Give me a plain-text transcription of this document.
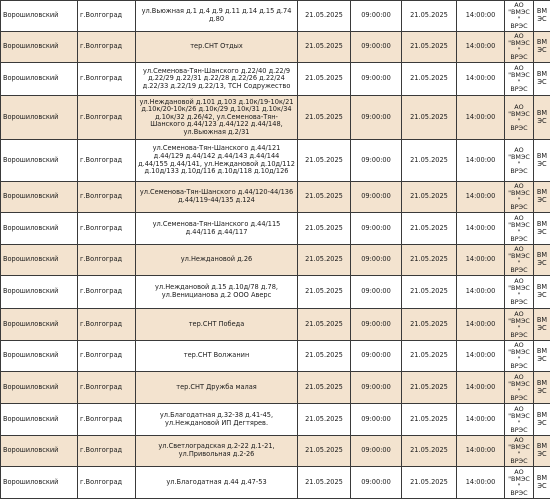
Ворошиловский	г.Волгоград	ул.Вьюжная д.1 д.4 д.9 д.11 д.14 д.15 д.74 д.80	21.05.2025	09:00:00	21.05.2025	14:00:00	АО
"ВМЭС"
ВРЭС	ВМЭС
Ворошиловский	г.Волгоград	тер.СНТ Отдых	21.05.2025	09:00:00	21.05.2025	14:00:00	АО
"ВМЭС"
ВРЭС	ВМЭС
Ворошиловский	г.Волгоград	ул.Семенова-Тян-Шанского д.22/40 д.22/9 д.22/29 д.22/31 д.22/28 д.22/26 д.22/24 д.22/33 д.22/19 д.22/13, ТСН Содружество	21.05.2025	09:00:00	21.05.2025	14:00:00	АО
"ВМЭС"
ВРЭС	ВМЭС
Ворошиловский	г.Волгоград	ул.Неждановой д.101 д.103 д.10к/19-10к/21 д.10к/20-10к/26 д.10к/29 д.10к/31 д.10к/34 д.10к/32 д.26/42, ул.Семенова-Тян-Шанского д.44/123 д.44/122 д.44/148, ул.Вьюжная д.2/31	21.05.2025	09:00:00	21.05.2025	14:00:00	АО
"ВМЭС"
ВРЭС	ВМЭС
Ворошиловский	г.Волгоград	ул.Семенова-Тян-Шанского д.44/121 д.44/129 д.44/142 д.44/143 д.44/144 д.44/155 д.44/141, ул.Неждановой д.10д/112 д.10д/133 д.10д/116 д.10д/118 д.10д/126	21.05.2025	09:00:00	21.05.2025	14:00:00	АО
"ВМЭС"
ВРЭС	ВМЭС
Ворошиловский	г.Волгоград	ул.Семенова-Тян-Шанского д.44/120-44/136 д.44/119-44/135 д.124	21.05.2025	09:00:00	21.05.2025	14:00:00	АО
"ВМЭС"
ВРЭС	ВМЭС
Ворошиловский	г.Волгоград	ул.Семенова-Тян-Шанского д.44/115 д.44/116 д.44/117	21.05.2025	09:00:00	21.05.2025	14:00:00	АО
"ВМЭС"
ВРЭС	ВМЭС
Ворошиловский	г.Волгоград	ул.Неждановой д.26	21.05.2025	09:00:00	21.05.2025	14:00:00	АО
"ВМЭС"
ВРЭС	ВМЭС
Ворошиловский	г.Волгоград	ул.Неждановой д.15 д.10д/78 д.78, ул.Веницианова д.2 ООО Аверс	21.05.2025	09:00:00	21.05.2025	14:00:00	АО
"ВМЭС"
ВРЭС	ВМЭС
Ворошиловский	г.Волгоград	тер.СНТ Победа	21.05.2025	09:00:00	21.05.2025	14:00:00	АО
"ВМЭС"
ВРЭС	ВМЭС
Ворошиловский	г.Волгоград	тер.СНТ Волжанин	21.05.2025	09:00:00	21.05.2025	14:00:00	АО
"ВМЭС"
ВРЭС	ВМЭС
Ворошиловский	г.Волгоград	тер.СНТ Дружба малая	21.05.2025	09:00:00	21.05.2025	14:00:00	АО
"ВМЭС"
ВРЭС	ВМЭС
Ворошиловский	г.Волгоград	ул.Благодатная д.32-38 д.41-45, ул.Неждановой ИП Дегтярев.	21.05.2025	09:00:00	21.05.2025	14:00:00	АО
"ВМЭС"
ВРЭС	ВМЭС
Ворошиловский	г.Волгоград	ул.Светлоградская д.2-22 д.1-21, ул.Привольная д.2-26	21.05.2025	09:00:00	21.05.2025	14:00:00	АО
"ВМЭС"
ВРЭС	ВМЭС
Ворошиловский	г.Волгоград	ул.Благодатная д.44 д.47-53	21.05.2025	09:00:00	21.05.2025	14:00:00	АО
"ВМЭС"
ВРЭС	ВМЭС
